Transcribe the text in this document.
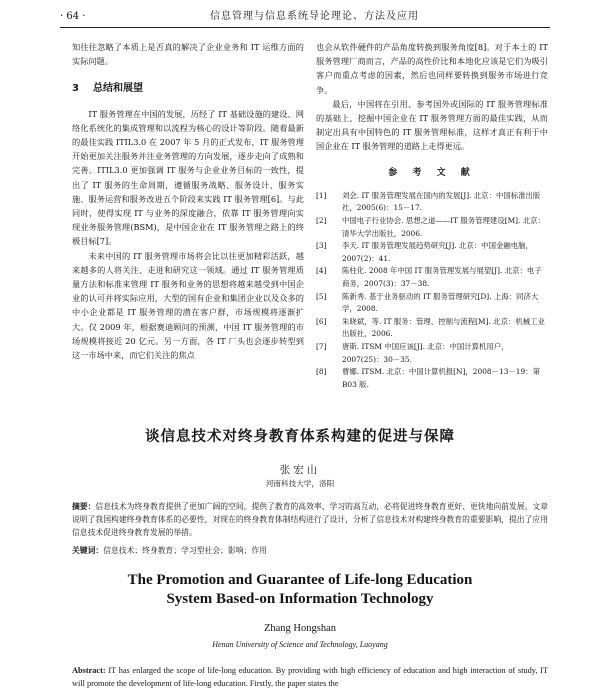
· 64 ·	信息管理与信息系统导论理论、方法及应用

知往往忽略了本质上是否真的解决了企业业务和 IT 运维方面的实际问题。

3 总结和展望

IT 服务管理在中国的发展，历经了 IT 基础设施的建设、网络化系统化的集成管理和以流程为核心的设计等阶段。随着最新的最佳实践 ITIL3.0 在 2007 年 5 月的正式发布，IT 服务管理开始更加关注服务并注业务管理的方向发展，逐步走向了成熟和完善。ITIL3.0 更加强调 IT 服务与企业业务目标的一致性，提出了 IT 服务的生命周期，遵循服务战略、服务设计、服务实施、服务运营和服务改进五个阶段来实践 IT 服务管理[6]。与此同时，使得实现 IT 与业务的深度融合，依靠 IT 服务管理向实现业务服务管理(BSM)，是中国企业在 IT 服务管理之路上的终极目标[7]。

未来中国的 IT 服务管理市场将会比以往更加精彩活跃，越来越多的人将关注、走进和研究这一领域。通过 IT 服务管理质量方法和标准来管理 IT 服务和业务的思想将越来越受到中国企业的认可并将实际应用，大型的国有企业和集团企业以及众多的中小企业都是 IT 服务管理的潜在客户群，市场规模将逐渐扩大。仅 2009 年，根据赛迪顾问的预测，中国 IT 服务管理的市场规模将接近 20 亿元。另一方面，各 IT 厂头也会逐步转型到这一市场中来，而它们关注的焦点

也会从软件硬件的产品角度转换到服务角度[8]。对于本土的 IT 服务管理厂商而言，产品的高性价比和本地化应该是它们为吸引客户而重点考虑的因素，然后也同样要转换到服务市场进行竞争。

最后，中国将在引用、参考国外或国际的 IT 服务管理标准的基础上，挖掘中国企业在 IT 服务管理方面的最佳实践，从而制定出具有中国特色的 IT 服务管理标准，这样才真正有利于中国企业在 IT 服务管理的道路上走得更远。

参 考 文 献
[1]	刘会. IT 服务管理发展在国内的发展[J]. 北京：中国标准出版社，2005(6)：15－17.
[2]	中国电子行业协会. 思想之道——IT 服务管理建设[M]. 北京：清华大学出版社，2006.
[3]	李天. IT 服务管理发展趋势研究[J]. 北京：中国金融电脑，2007(2)：41.
[4]	陈柱化. 2008 年中国 IT 服务管理发展与展望[J]. 北京：电子商务，2007(3)：37－38.
[5]	陈新秀. 基于业务驱动的 IT 服务管理研究[D]. 上海：同济大学，2008.
[6]	朱晓斌，等. IT 服务：管理、控制与流程[M]. 北京：机械工业出版社，2006.
[7]	唐斯. ITSM 中国应该[J]. 北京：中国计算机用户，2007(25)：30－35.
[8]	曹娜. ITSM. 北京：中国计算机报[N]，2008－13－19：第 B03 版.
谈信息技术对终身教育体系构建的促进与保障
张宏山
河南科技大学，洛阳
摘要：信息技术为终身教育提供了更加广阔的空间，提供了教育的高效率、学习的高互动，必将促进终身教育更好、更快地向前发展。文章说明了我国构建终身教育体系的必要性，对现在的终身教育体制结构进行了设计，分析了信息技术对构建终身教育的重要影响，提出了应用信息技术促进终身教育发展的举措。
关键词：信息技术；终身教育；学习型社会；影响；作用
The Promotion and Guarantee of Life-long Education
System Based-on Information Technology
Zhang Hongshan
Henan University of Science and Technology, Luoyang
Abstract: IT has enlarged the scope of life-long education. By providing with high efficiency of education and high interaction of study, IT will promote the development of life-long education. Firstly, the paper states the
